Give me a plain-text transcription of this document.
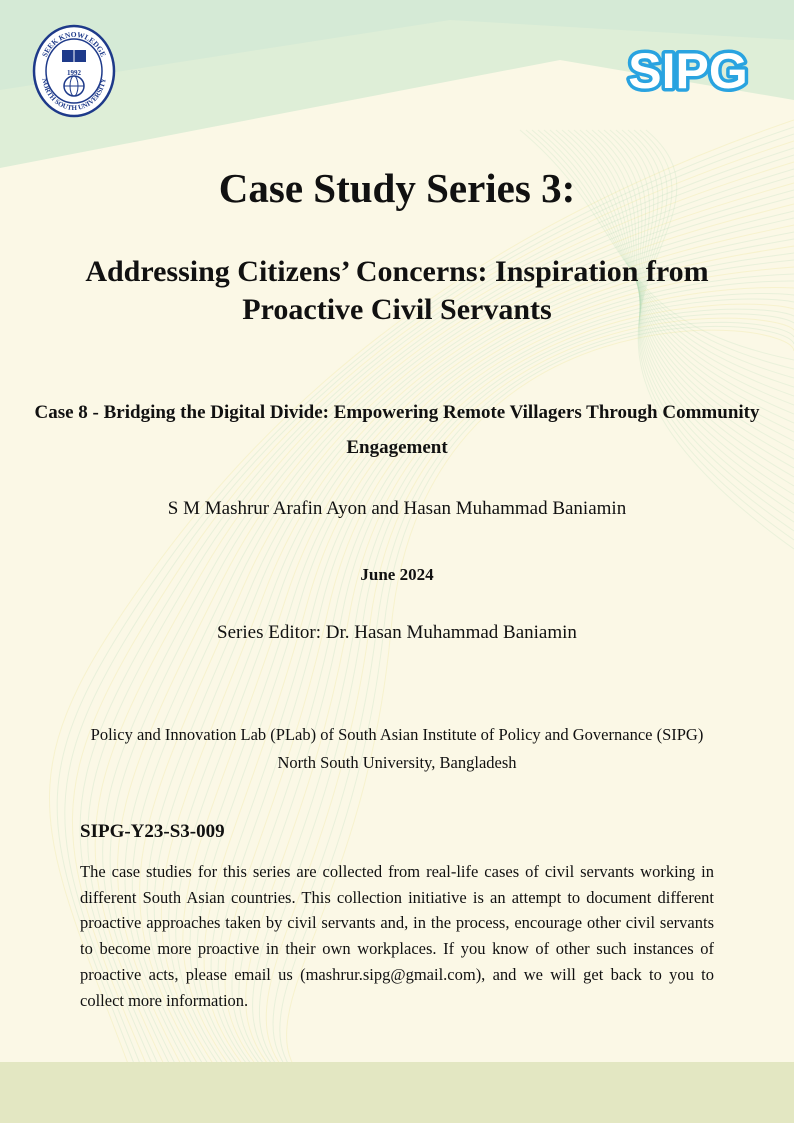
SEEK KNOWLEDGE
NORTH SOUTH UNIVERSITY
1992	SIPG
Case Study Series 3:
Addressing Citizens’ Concerns: Inspiration from Proactive Civil Servants
Case 8 - Bridging the Digital Divide: Empowering Remote Villagers Through Community Engagement
S M Mashrur Arafin Ayon and Hasan Muhammad Baniamin
June 2024
Series Editor: Dr. Hasan Muhammad Baniamin
Policy and Innovation Lab (PLab) of South Asian Institute of Policy and Governance (SIPG)
North South University, Bangladesh
SIPG-Y23-S3-009
The case studies for this series are collected from real-life cases of civil servants working in different South Asian countries. This collection initiative is an attempt to document different proactive approaches taken by civil servants and, in the process, encourage other civil servants to become more proactive in their own workplaces. If you know of other such instances of proactive acts, please email us (mashrur.sipg@gmail.com), and we will get back to you to collect more information.
